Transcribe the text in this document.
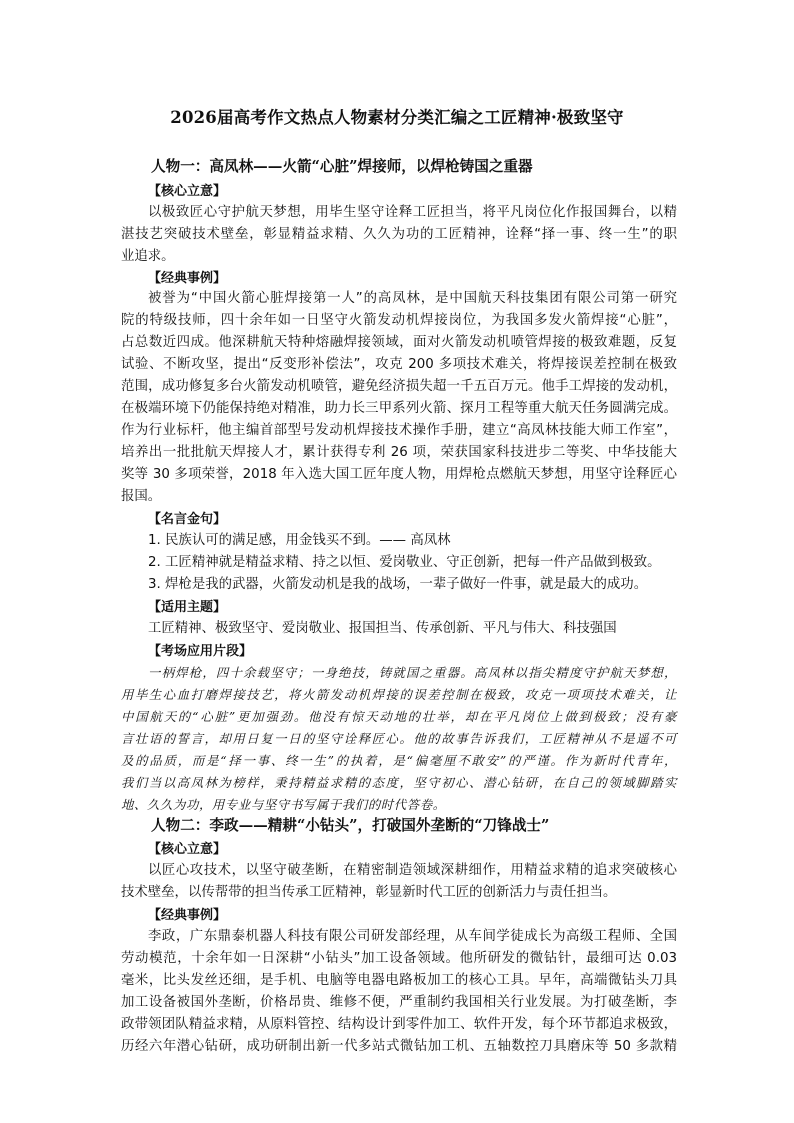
2026届高考作文热点人物素材分类汇编之工匠精神·极致坚守
人物一：高凤林——火箭“心脏”焊接师，以焊枪铸国之重器
【核心立意】
以极致匠心守护航天梦想，用毕生坚守诠释工匠担当，将平凡岗位化作报国舞台，以精
湛技艺突破技术壁垒，彰显精益求精、久久为功的工匠精神，诠释“择一事、终一生”的职
业追求。
【经典事例】
被誉为“中国火箭心脏焊接第一人”的高凤林，是中国航天科技集团有限公司第一研究
院的特级技师，四十余年如一日坚守火箭发动机焊接岗位，为我国多发火箭焊接“心脏”，
占总数近四成。他深耕航天特种熔融焊接领域，面对火箭发动机喷管焊接的极致难题，反复
试验、不断攻坚，提出“反变形补偿法”，攻克 200 多项技术难关，将焊接误差控制在极致
范围，成功修复多台火箭发动机喷管，避免经济损失超一千五百万元。他手工焊接的发动机，
在极端环境下仍能保持绝对精准，助力长三甲系列火箭、探月工程等重大航天任务圆满完成。
作为行业标杆，他主编首部型号发动机焊接技术操作手册，建立“高凤林技能大师工作室”，
培养出一批批航天焊接人才，累计获得专利 26 项，荣获国家科技进步二等奖、中华技能大
奖等 30 多项荣誉，2018 年入选大国工匠年度人物，用焊枪点燃航天梦想，用坚守诠释匠心
报国。
【名言金句】
1. 民族认可的满足感，用金钱买不到。—— 高凤林
2. 工匠精神就是精益求精、持之以恒、爱岗敬业、守正创新，把每一件产品做到极致。
3. 焊枪是我的武器，火箭发动机是我的战场，一辈子做好一件事，就是最大的成功。
【适用主题】
工匠精神、极致坚守、爱岗敬业、报国担当、传承创新、平凡与伟大、科技强国
【考场应用片段】
一柄焊枪，四十余载坚守；一身绝技，铸就国之重器。高凤林以指尖精度守护航天梦想，
用毕生心血打磨焊接技艺，将火箭发动机焊接的误差控制在极致，攻克一项项技术难关，让
中国航天的“心脏”更加强劲。他没有惊天动地的壮举，却在平凡岗位上做到极致；没有豪
言壮语的誓言，却用日复一日的坚守诠释匠心。他的故事告诉我们，工匠精神从不是遥不可
及的品质，而是“择一事、终一生”的执着，是“偏毫厘不敢安”的严谨。作为新时代青年，
我们当以高凤林为榜样，秉持精益求精的态度，坚守初心、潜心钻研，在自己的领域脚踏实
地、久久为功，用专业与坚守书写属于我们的时代答卷。
人物二：李政——精耕“小钻头”，打破国外垄断的“刀锋战士”
【核心立意】
以匠心攻技术，以坚守破垄断，在精密制造领域深耕细作，用精益求精的追求突破核心
技术壁垒，以传帮带的担当传承工匠精神，彰显新时代工匠的创新活力与责任担当。
【经典事例】
李政，广东鼎泰机器人科技有限公司研发部经理，从车间学徒成长为高级工程师、全国
劳动模范，十余年如一日深耕“小钻头”加工设备领域。他所研发的微钻针，最细可达 0.03
毫米，比头发丝还细，是手机、电脑等电器电路板加工的核心工具。早年，高端微钻头刀具
加工设备被国外垄断，价格昂贵、维修不便，严重制约我国相关行业发展。为打破垄断，李
政带领团队精益求精，从原料管控、结构设计到零件加工、软件开发，每个环节都追求极致，
历经六年潜心钻研，成功研制出新一代多站式微钻加工机、五轴数控刀具磨床等 50 多款精
